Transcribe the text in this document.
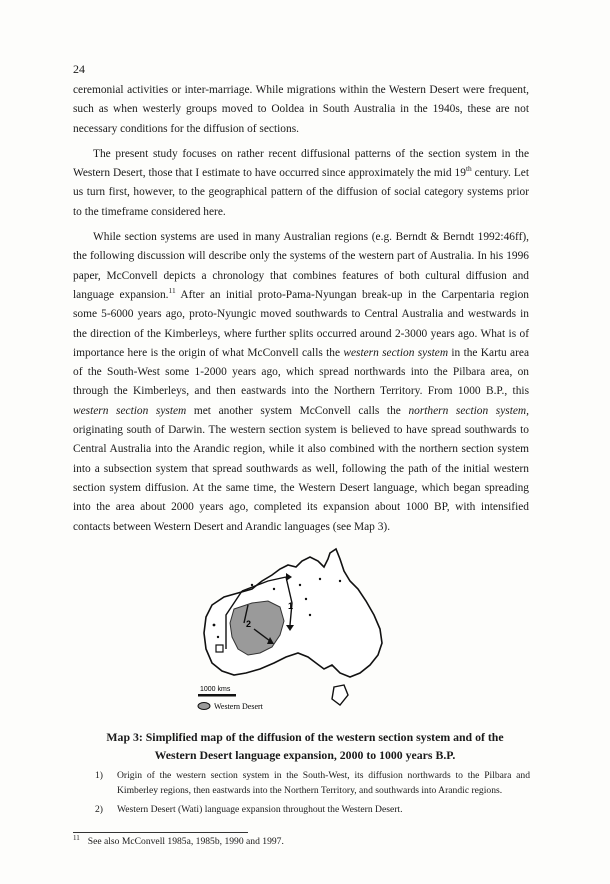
24

ceremonial activities or inter-marriage. While migrations within the Western Desert were frequent, such as when westerly groups moved to Ooldea in South Australia in the 1940s, these are not necessary conditions for the diffusion of sections.

The present study focuses on rather recent diffusional patterns of the section system in the Western Desert, those that I estimate to have occurred since approximately the mid 19th century. Let us turn first, however, to the geographical pattern of the diffusion of social category systems prior to the timeframe considered here.

While section systems are used in many Australian regions (e.g. Berndt & Berndt 1992:46ff), the following discussion will describe only the systems of the western part of Australia. In his 1996 paper, McConvell depicts a chronology that combines features of both cultural diffusion and language expansion.$^{11}$ After an initial proto-Pama-Nyungan break-up in the Carpentaria region some 5-6000 years ago, proto-Nyungic moved southwards to Central Australia and westwards in the direction of the Kimberleys, where further splits occurred around 2-3000 years ago. What is of importance here is the origin of what McConvell calls the western section system in the Kartu area of the South-West some 1-2000 years ago, which spread northwards into the Pilbara area, on through the Kimberleys, and then eastwards into the Northern Territory. From 1000 B.P., this western section system met another system McConvell calls the northern section system, originating south of Darwin. The western section system is believed to have spread southwards to Central Australia into the Arandic region, while it also combined with the northern section system into a subsection system that spread southwards as well, following the path of the initial western section system diffusion. At the same time, the Western Desert language, which began spreading into the area about 2000 years ago, completed its expansion about 1000 BP, with intensified contacts between Western Desert and Arandic languages (see Map 3).

1
2
1000 kms
Western Desert
Map 3: Simplified map of the diffusion of the western section system and of the
Western Desert language expansion, 2000 to 1000 years B.P.
1)	Origin of the western section system in the South-West, its diffusion northwards to the Pilbara and Kimberley regions, then eastwards into the Northern Territory, and southwards into Arandic regions.
2)	Western Desert (Wati) language expansion throughout the Western Desert.
$^{11}$ See also McConvell 1985a, 1985b, 1990 and 1997.
